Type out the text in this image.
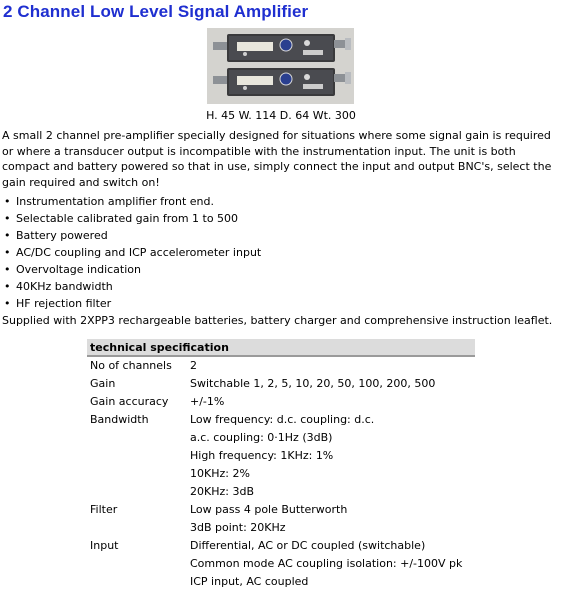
2 Channel Low Level Signal Amplifier
H. 45 W. 114 D. 64 Wt. 300

A small 2 channel pre-amplifier specially designed for situations where some signal gain is required or where a transducer output is incompatible with the instrumentation input. The unit is both compact and battery powered so that in use, simply connect the input and output BNC's, select the gain required and switch on!

• Instrumentation amplifier front end.
• Selectable calibrated gain from 1 to 500
• Battery powered
• AC/DC coupling and ICP accelerometer input
• Overvoltage indication
• 40KHz bandwidth
• HF rejection filter

Supplied with 2XPP3 rechargeable batteries, battery charger and comprehensive instruction leaflet.

technical specification
No of channels	2
Gain	Switchable 1, 2, 5, 10, 20, 50, 100, 200, 500
Gain accuracy	+/-1%
Bandwidth	Low frequency: d.c. coupling: d.c.
a.c. coupling: 0·1Hz (3dB)
High frequency: 1KHz: 1%
10KHz: 2%
20KHz: 3dB
Filter	Low pass 4 pole Butterworth
3dB point: 20KHz
Input	Differential, AC or DC coupled (switchable)
Common mode AC coupling isolation: +/-100V pk
ICP input, AC coupled
